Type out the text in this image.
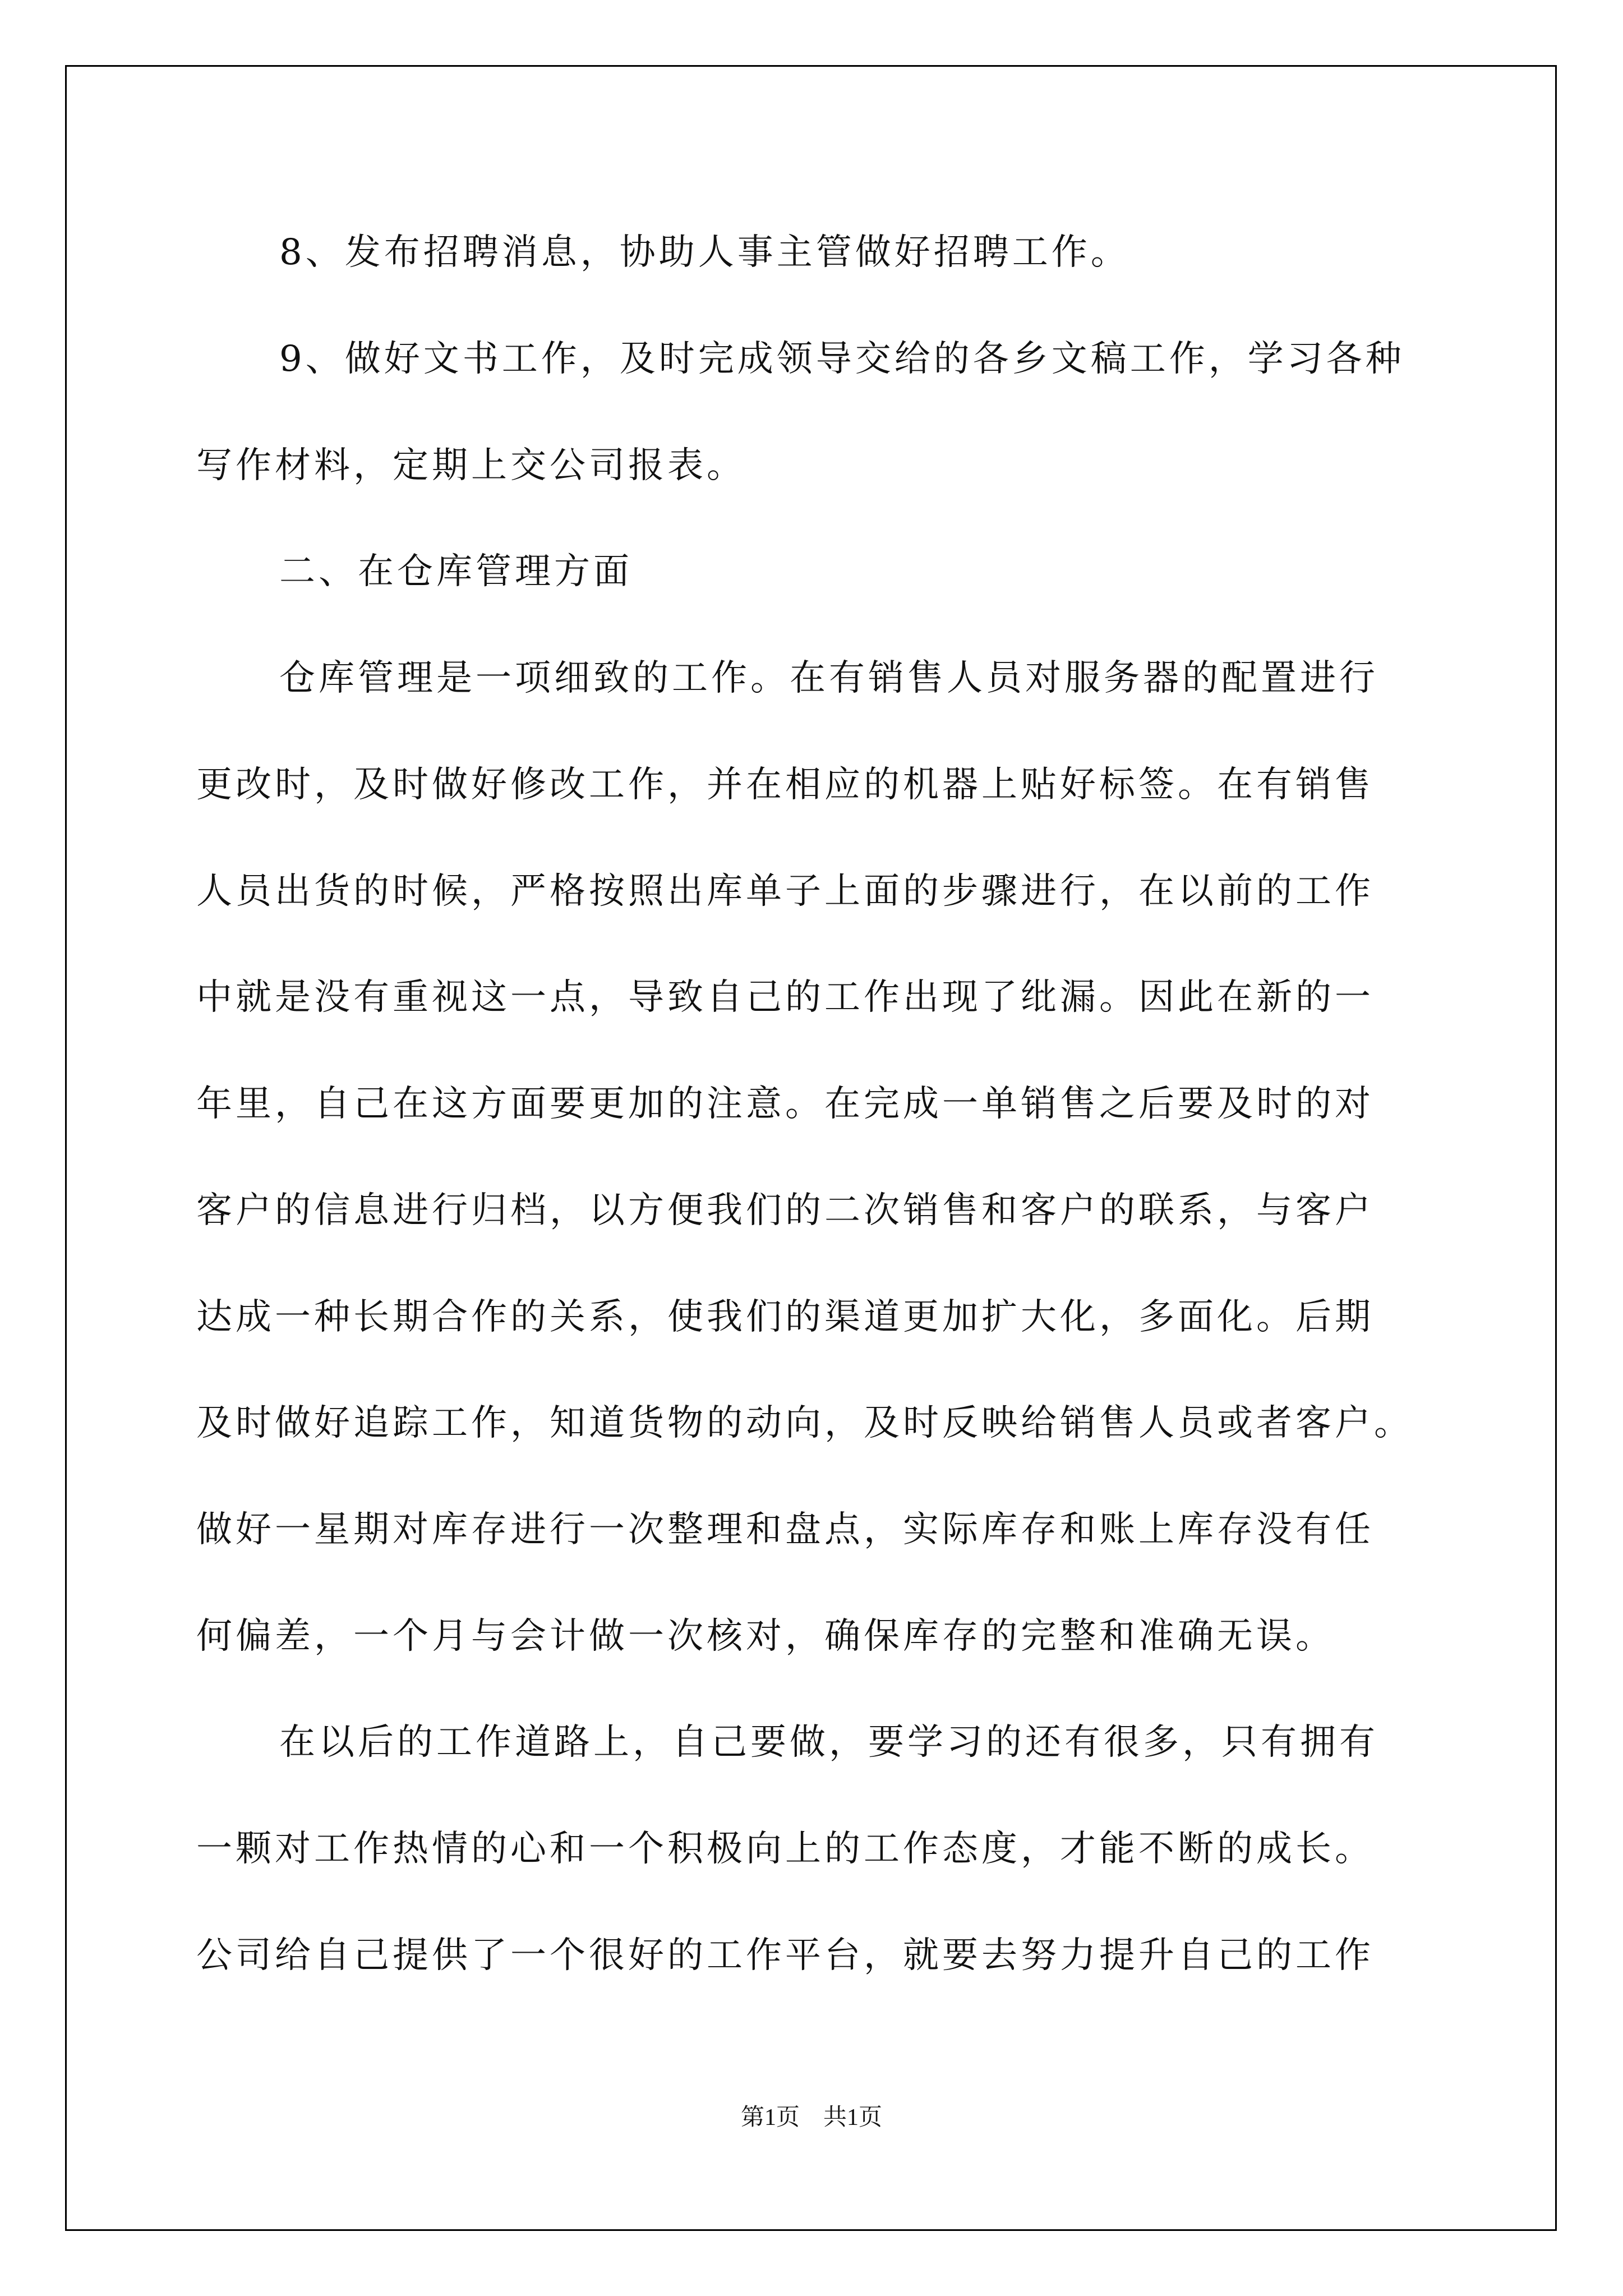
8、发布招聘消息，协助人事主管做好招聘工作。

9、做好文书工作，及时完成领导交给的各乡文稿工作，学习各种

写作材料，定期上交公司报表。

二、在仓库管理方面

仓库管理是一项细致的工作。在有销售人员对服务器的配置进行

更改时，及时做好修改工作，并在相应的机器上贴好标签。在有销售

人员出货的时候，严格按照出库单子上面的步骤进行，在以前的工作

中就是没有重视这一点，导致自己的工作出现了纰漏。因此在新的一

年里，自己在这方面要更加的注意。在完成一单销售之后要及时的对

客户的信息进行归档，以方便我们的二次销售和客户的联系，与客户

达成一种长期合作的关系，使我们的渠道更加扩大化，多面化。后期

及时做好追踪工作，知道货物的动向，及时反映给销售人员或者客户。

做好一星期对库存进行一次整理和盘点，实际库存和账上库存没有任

何偏差，一个月与会计做一次核对，确保库存的完整和准确无误。

在以后的工作道路上，自己要做，要学习的还有很多，只有拥有

一颗对工作热情的心和一个积极向上的工作态度，才能不断的成长。

公司给自己提供了一个很好的工作平台，就要去努力提升自己的工作

第1页　共1页
